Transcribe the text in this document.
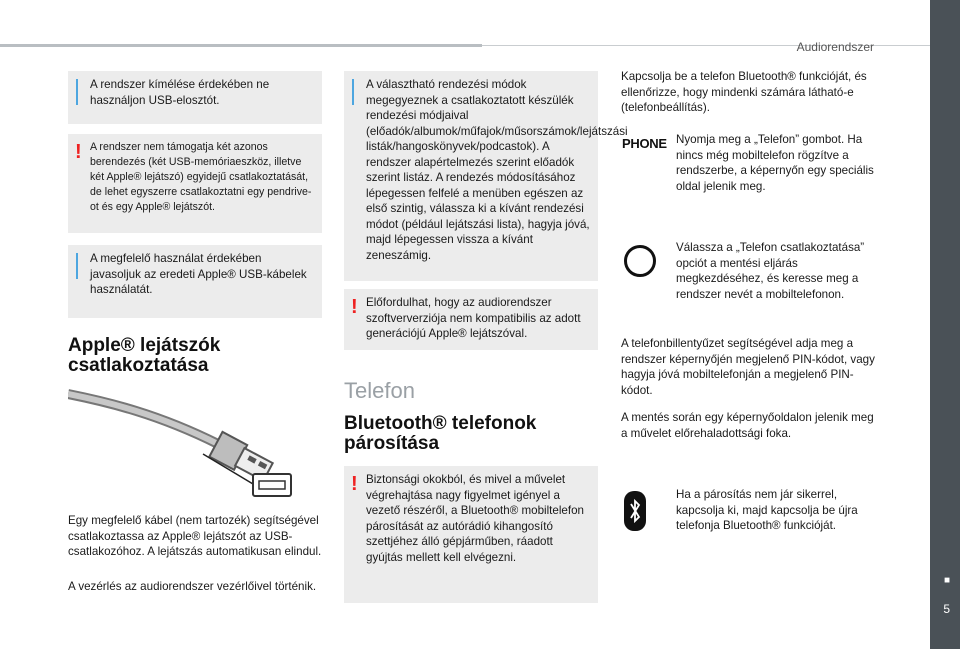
Audiorendszer
■
5
A rendszer kímélése érdekében ne használjon USB-elosztót.
! A rendszer nem támogatja két azonos berendezés (két USB-memóriaeszköz, illetve két Apple® lejátszó) egyidejű csatlakoztatását, de lehet egyszerre csatlakoztatni egy pendrive-ot és egy Apple® lejátszót.
A megfelelő használat érdekében javasoljuk az eredeti Apple® USB-kábelek használatát.
Apple® lejátszók csatlakoztatása

Egy megfelelő kábel (nem tartozék) segítségével csatlakoztassa az Apple® lejátszót az USB-csatlakozóhoz. A lejátszás automatikusan elindul.

A vezérlés az audiorendszer vezérlőivel történik.

A választható rendezési módok megegyeznek a csatlakoztatott készülék rendezési módjaival (előadók/albumok/műfajok/műsorszámok/lejátszási listák/hangoskönyvek/podcastok). A rendszer alapértelmezés szerint előadók szerint listáz. A rendezés módosításához lépegessen felfelé a menüben egészen az első szintig, válassza ki a kívánt rendezési módot (például lejátszási lista), hagyja jóvá, majd lépegessen vissza a kívánt zeneszámig.
! Előfordulhat, hogy az audiorendszer szoftververziója nem kompatibilis az adott generációjú Apple® lejátszóval.
Telefon
Bluetooth® telefonok párosítása
! Biztonsági okokból, és mivel a művelet végrehajtása nagy figyelmet igényel a vezető részéről, a Bluetooth® mobiltelefon párosítását az autórádió kihangosító szettjéhez álló gépjárműben, ráadott gyújtás mellett kell elvégezni.

Kapcsolja be a telefon Bluetooth® funkcióját, és ellenőrizze, hogy mindenki számára látható-e (telefonbeállítás).

PHONE Nyomja meg a „Telefon” gombot. Ha nincs még mobiltelefon rögzítve a rendszerbe, a képernyőn egy speciális oldal jelenik meg.

Válassza a „Telefon csatlakoztatása” opciót a mentési eljárás megkezdéséhez, és keresse meg a rendszer nevét a mobiltelefonon.

A telefonbillentyűzet segítségével adja meg a rendszer képernyőjén megjelenő PIN-kódot, vagy hagyja jóvá mobiltelefonján a megjelenő PIN-kódot.

A mentés során egy képernyőoldalon jelenik meg a művelet előrehaladottsági foka.

Ha a párosítás nem jár sikerrel, kapcsolja ki, majd kapcsolja be újra telefonja Bluetooth® funkcióját.
